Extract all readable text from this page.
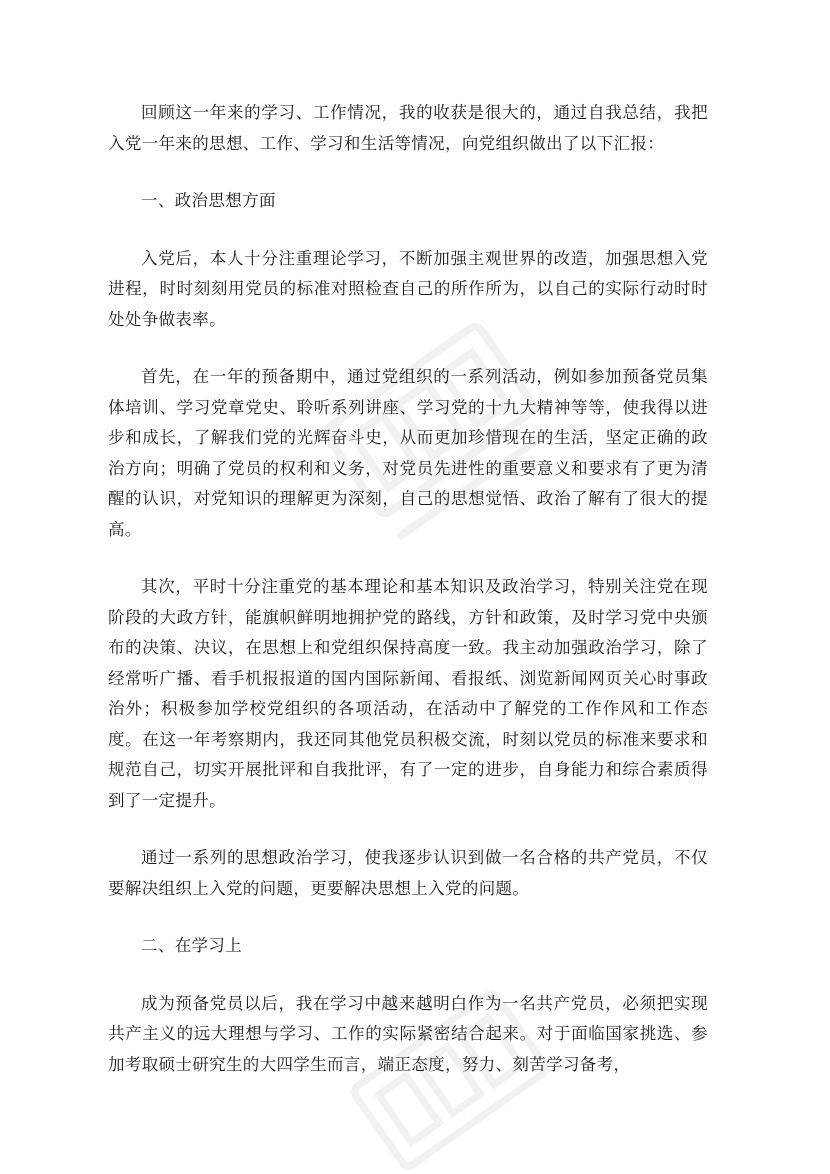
回顾这一年来的学习、工作情况，我的收获是很大的，通过自我总结，我把入党一年来的思想、工作、学习和生活等情况，向党组织做出了以下汇报：

一、政治思想方面

入党后，本人十分注重理论学习，不断加强主观世界的改造，加强思想入党进程，时时刻刻用党员的标准对照检查自己的所作所为，以自己的实际行动时时处处争做表率。

首先，在一年的预备期中，通过党组织的一系列活动，例如参加预备党员集体培训、学习党章党史、聆听系列讲座、学习党的十九大精神等等，使我得以进步和成长，了解我们党的光辉奋斗史，从而更加珍惜现在的生活，坚定正确的政治方向；明确了党员的权利和义务，对党员先进性的重要意义和要求有了更为清醒的认识，对党知识的理解更为深刻，自己的思想觉悟、政治了解有了很大的提高。

其次，平时十分注重党的基本理论和基本知识及政治学习，特别关注党在现阶段的大政方针，能旗帜鲜明地拥护党的路线，方针和政策，及时学习党中央颁布的决策、决议，在思想上和党组织保持高度一致。我主动加强政治学习，除了经常听广播、看手机报报道的国内国际新闻、看报纸、浏览新闻网页关心时事政治外；积极参加学校党组织的各项活动，在活动中了解党的工作作风和工作态度。在这一年考察期内，我还同其他党员积极交流，时刻以党员的标准来要求和规范自己，切实开展批评和自我批评，有了一定的进步，自身能力和综合素质得到了一定提升。

通过一系列的思想政治学习，使我逐步认识到做一名合格的共产党员，不仅要解决组织上入党的问题，更要解决思想上入党的问题。

二、在学习上

成为预备党员以后，我在学习中越来越明白作为一名共产党员，必须把实现共产主义的远大理想与学习、工作的实际紧密结合起来。对于面临国家挑选、参加考取硕士研究生的大四学生而言，端正态度，努力、刻苦学习备考，
